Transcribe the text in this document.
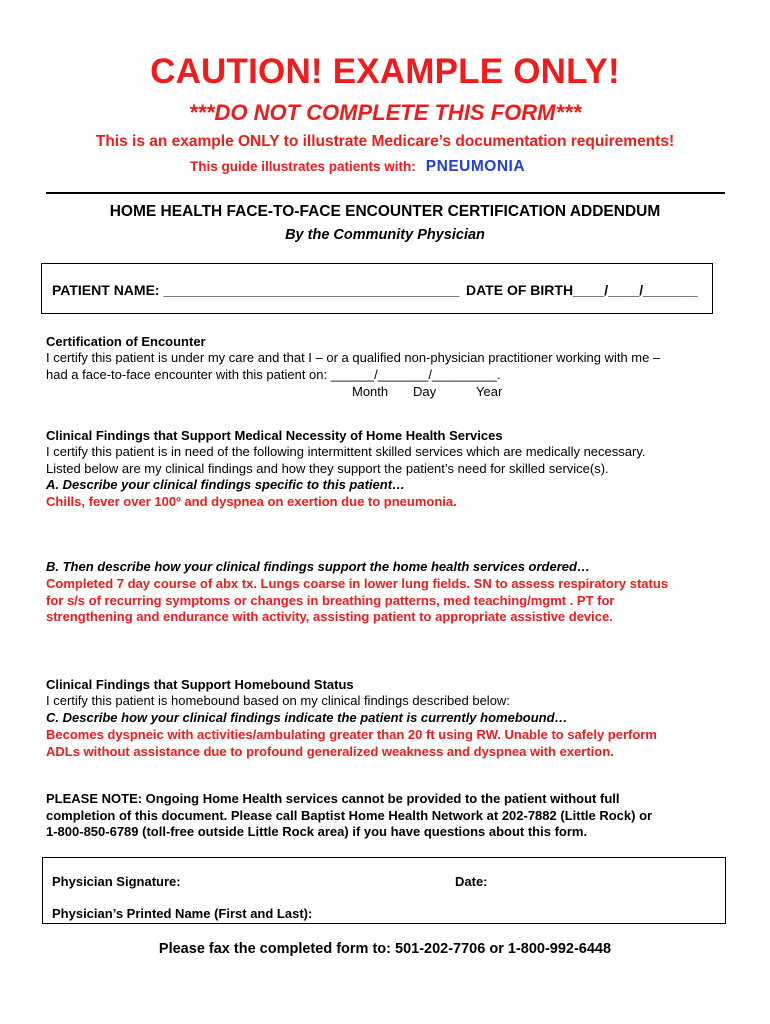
CAUTION! EXAMPLE ONLY!
***DO NOT COMPLETE THIS FORM***
This is an example ONLY to illustrate Medicare’s documentation requirements!
This guide illustrates patients with: PNEUMONIA
HOME HEALTH FACE-TO-FACE ENCOUNTER CERTIFICATION ADDENDUM
By the Community Physician
PATIENT NAME: ______________________________________ DATE OF BIRTH____/____/_______
Certification of Encounter
I certify this patient is under my care and that I – or a qualified non-physician practitioner working with me –
had a face-to-face encounter with this patient on: ______/_______/_________.
Month Day	Year
Clinical Findings that Support Medical Necessity of Home Health Services
I certify this patient is in need of the following intermittent skilled services which are medically necessary.
Listed below are my clinical findings and how they support the patient’s need for skilled service(s).
A. Describe your clinical findings specific to this patient…
Chills, fever over 100º and dyspnea on exertion due to pneumonia.
B. Then describe how your clinical findings support the home health services ordered…
Completed 7 day course of abx tx. Lungs coarse in lower lung fields. SN to assess respiratory status
for s/s of recurring symptoms or changes in breathing patterns, med teaching/mgmt . PT for
strengthening and endurance with activity, assisting patient to appropriate assistive device.
Clinical Findings that Support Homebound Status
I certify this patient is homebound based on my clinical findings described below:
C. Describe how your clinical findings indicate the patient is currently homebound…
Becomes dyspneic with activities/ambulating greater than 20 ft using RW. Unable to safely perform
ADLs without assistance due to profound generalized weakness and dyspnea with exertion.
PLEASE NOTE: Ongoing Home Health services cannot be provided to the patient without full
completion of this document. Please call Baptist Home Health Network at 202-7882 (Little Rock) or
1-800-850-6789 (toll-free outside Little Rock area) if you have questions about this form.
Physician Signature:	Date:
Physician’s Printed Name (First and Last):
Please fax the completed form to: 501-202-7706 or 1-800-992-6448
